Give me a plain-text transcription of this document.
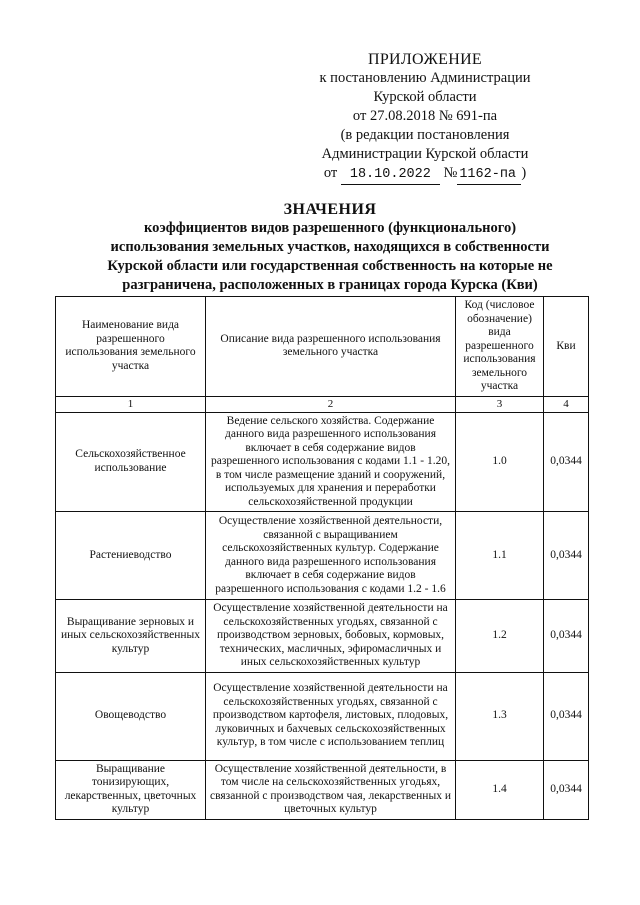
ПРИЛОЖЕНИЕ
к постановлению Администрации
Курской области
от 27.08.2018 № 691-па
(в редакции постановления
Администрации Курской области
от 18.10.2022 № 1162-па )
ЗНАЧЕНИЯ
коэффициентов видов разрешенного (функционального)
использования земельных участков, находящихся в собственности
Курской области или государственная собственность на которые не
разграничена, расположенных в границах города Курска (Кви)
Наименование вида разрешенного использования земельного участка	Описание вида разрешенного использования земельного участка	Код (числовое обозначение) вида разрешенного использования земельного участка	Кви
1	2	3	4
Сельскохозяйственное использование	Ведение сельского хозяйства. Содержание данного вида разрешенного использования включает в себя содержание видов разрешенного использования с кодами 1.1 - 1.20, в том числе размещение зданий и сооружений, используемых для хранения и переработки сельскохозяйственной продукции	1.0	0,0344
Растениеводство	Осуществление хозяйственной деятельности, связанной с выращиванием сельскохозяйственных культур. Содержание данного вида разрешенного использования включает в себя содержание видов разрешенного использования с кодами 1.2 - 1.6	1.1	0,0344
Выращивание зерновых и иных сельскохозяйственных культур	Осуществление хозяйственной деятельности на сельскохозяйственных угодьях, связанной с производством зерновых, бобовых, кормовых, технических, масличных, эфиромасличных и иных сельскохозяйственных культур	1.2	0,0344
Овощеводство	Осуществление хозяйственной деятельности на сельскохозяйственных угодьях, связанной с производством картофеля, листовых, плодовых, луковичных и бахчевых сельскохозяйственных культур, в том числе с использованием теплиц	1.3	0,0344
Выращивание тонизирующих, лекарственных, цветочных культур	Осуществление хозяйственной деятельности, в том числе на сельскохозяйственных угодьях, связанной с производством чая, лекарственных и цветочных культур	1.4	0,0344
